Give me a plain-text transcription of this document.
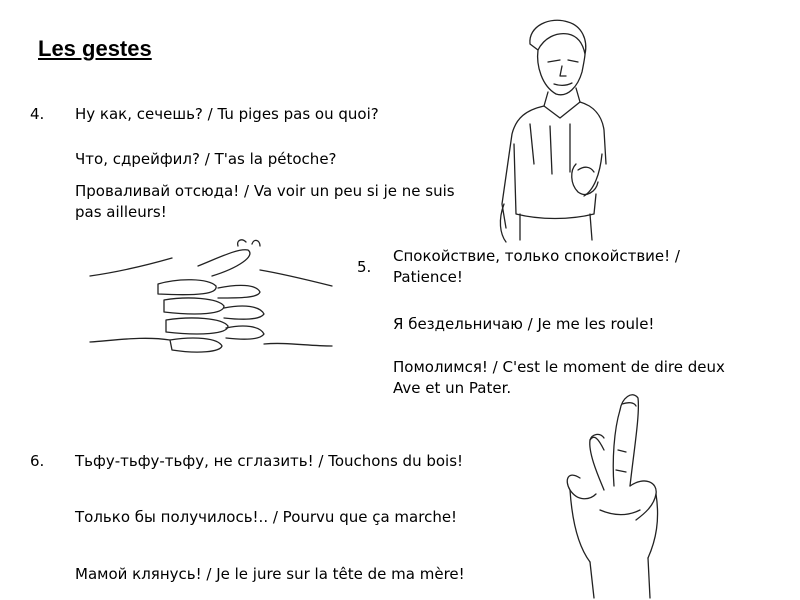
Les gestes
4. Ну как, сечешь? / Tu piges pas ou quoi?
Что, сдрейфил? / T'as la pétoche?
Проваливай отсюда! / Va voir un peu si je ne suis pas ailleurs!
5.
Спокойствие, только спокойствие! / Patience!
Я бездельничаю / Je me les roule!
Помолимся! / C'est le moment de dire deux Ave et un Pater.
6. Тьфу-тьфу-тьфу, не сглазить! / Touchons du bois!
Только бы получилось!.. / Pourvu que ça marche!
Мамой клянусь! / Je le jure sur la tête de ma mère!
